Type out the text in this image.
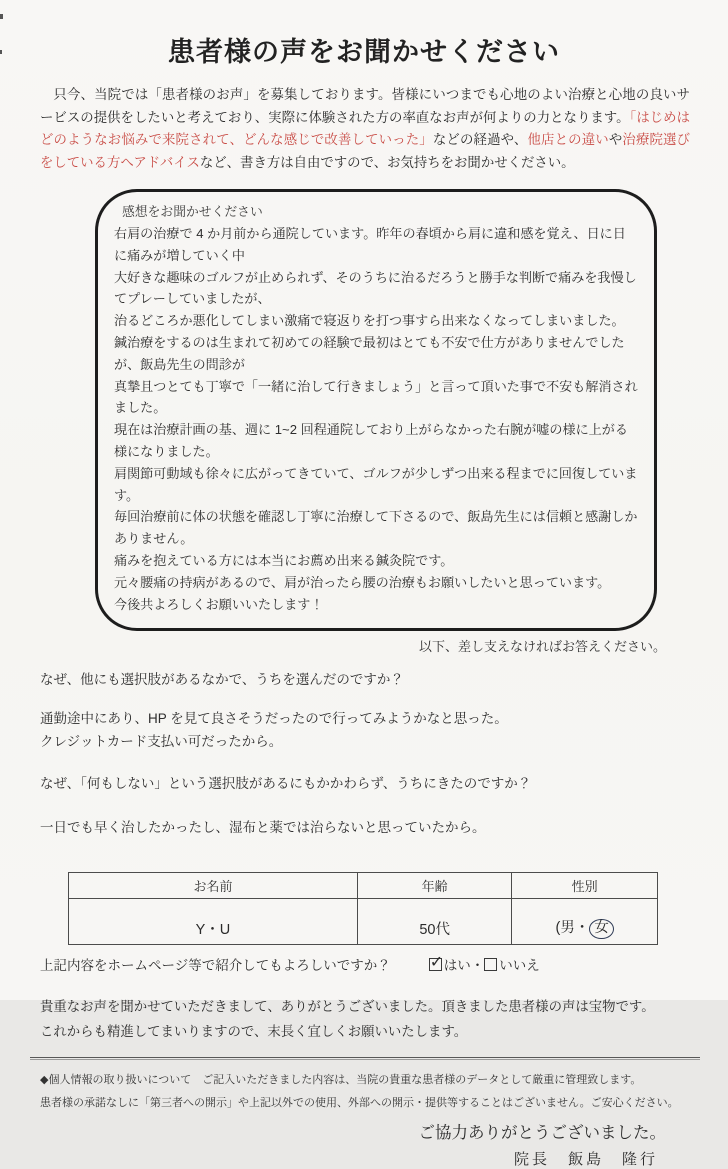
患者様の声をお聞かせください

只今、当院では「患者様のお声」を募集しております。皆様にいつまでも心地のよい治療と心地の良いサービスの提供をしたいと考えており、実際に体験された方の率直なお声が何よりの力となります。「はじめはどのようなお悩みで来院されて、どんな感じで改善していった」などの経過や、他店との違いや治療院選びをしている方へアドバイスなど、書き方は自由ですので、お気持ちをお聞かせください。

感想をお聞かせください
右肩の治療で 4 か月前から通院しています。昨年の春頃から肩に違和感を覚え、日に日に痛みが増していく中
大好きな趣味のゴルフが止められず、そのうちに治るだろうと勝手な判断で痛みを我慢してプレーしていましたが、
治るどころか悪化してしまい激痛で寝返りを打つ事すら出来なくなってしまいました。
鍼治療をするのは生まれて初めての経験で最初はとても不安で仕方がありませんでしたが、飯島先生の問診が
真摯且つとても丁寧で「一緒に治して行きましょう」と言って頂いた事で不安も解消されました。
現在は治療計画の基、週に 1~2 回程通院しており上がらなかった右腕が嘘の様に上がる様になりました。
肩関節可動域も徐々に広がってきていて、ゴルフが少しずつ出来る程までに回復しています。
毎回治療前に体の状態を確認し丁寧に治療して下さるので、飯島先生には信頼と感謝しかありません。
痛みを抱えている方には本当にお薦め出来る鍼灸院です。
元々腰痛の持病があるので、肩が治ったら腰の治療もお願いしたいと思っています。
今後共よろしくお願いいたします！
以下、差し支えなければお答えください。
なぜ、他にも選択肢があるなかで、うちを選んだのですか？
通勤途中にあり、HP を見て良さそうだったので行ってみようかなと思った。
クレジットカード支払い可だったから。
なぜ、「何もしない」という選択肢があるにもかかわらず、うちにきたのですか？
一日でも早く治したかったし、湿布と薬では治らないと思っていたから。
お名前	年齢	性別
Y・U	50代	(男・ 女
上記内容をホームページ等で紹介してもよろしいですか？ ✓ はい ・ いいえ
貴重なお声を聞かせていただきまして、ありがとうございました。頂きました患者様の声は宝物です。
これからも精進してまいりますので、末長く宜しくお願いいたします。
◆個人情報の取り扱いについて　ご記入いただきました内容は、当院の貴重な患者様のデータとして厳重に管理致します。
患者様の承諾なしに「第三者への開示」や上記以外での使用、外部への開示・提供等することはございません。ご安心ください。
ご協力ありがとうございました。
院長　飯島　隆行
